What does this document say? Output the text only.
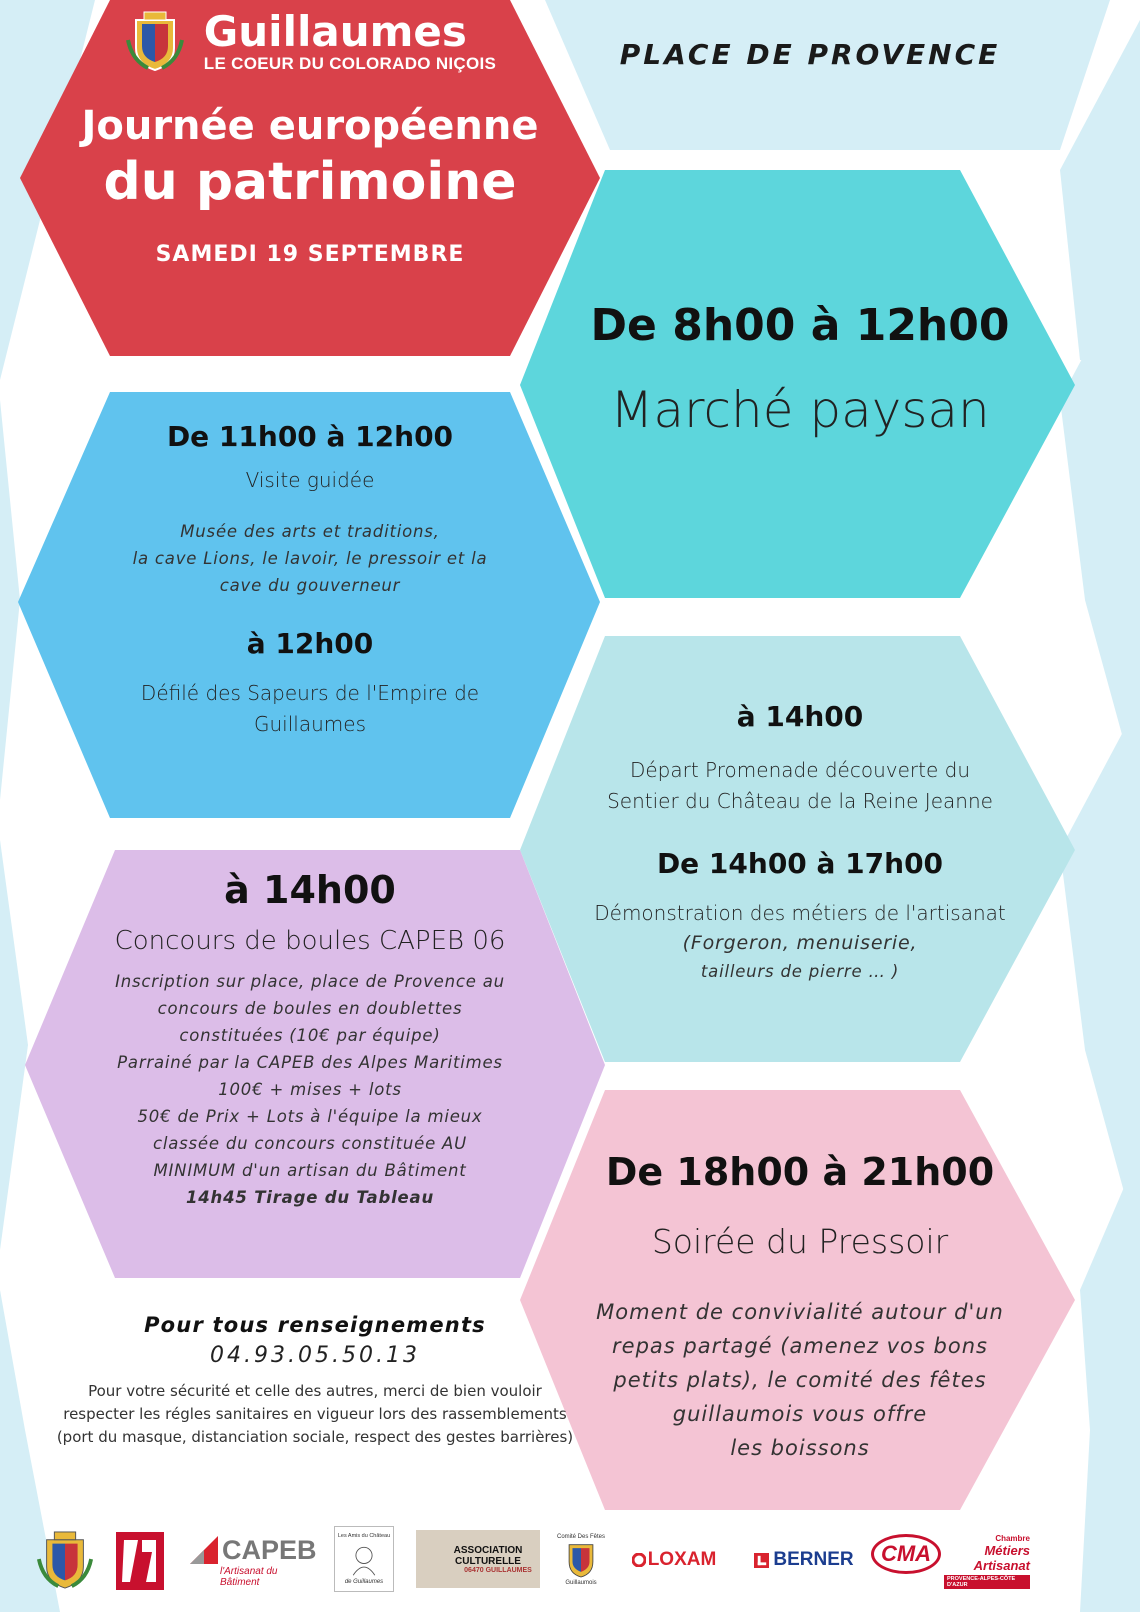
Guillaumes
LE COEUR DU COLORADO NIÇOIS
Journée européenne
du patrimoine
SAMEDI 19 SEPTEMBRE
PLACE DE PROVENCE
De 8h00 à 12h00
Marché paysan
De 11h00 à 12h00
Visite guidée
Musée des arts et traditions,
la cave Lions, le lavoir, le pressoir et la
cave du gouverneur
à 12h00
Défilé des Sapeurs de l'Empire de
Guillaumes	à 14h00
Départ Promenade découverte du
Sentier du Château de la Reine Jeanne
De 14h00 à 17h00
Démonstration des métiers de l'artisanat
(Forgeron, menuiserie,
tailleurs de pierre … )
à 14h00
Concours de boules CAPEB 06
Inscription sur place, place de Provence au
concours de boules en doublettes
constituées (10€ par équipe)
Parrainé par la CAPEB des Alpes Maritimes
100€ + mises + lots
50€ de Prix + Lots à l'équipe la mieux
classée du concours constituée AU
MINIMUM d'un artisan du Bâtiment
14h45 Tirage du Tableau
De 18h00 à 21h00
Soirée du Pressoir
Moment de convivialité autour d'un
repas partagé (amenez vos bons
petits plats), le comité des fêtes
guillaumois vous offre
les boissons
Pour tous renseignements
04.93.05.50.13
Pour votre sécurité et celle des autres, merci de bien vouloir
respecter les régles sanitaires en vigueur lors des rassemblements
(port du masque, distanciation sociale, respect des gestes barrières)
CAPEB
l'Artisanat du Bâtiment
Les Amis du Château
de Guillaumes
ASSOCIATION
CULTURELLE
06470 GUILLAUMES
Comité Des Fêtes
Guillaumois
LOXAM	BERNER CMA
Chambre
Métiers
Artisanat
PROVENCE-ALPES-CÔTE D'AZUR
